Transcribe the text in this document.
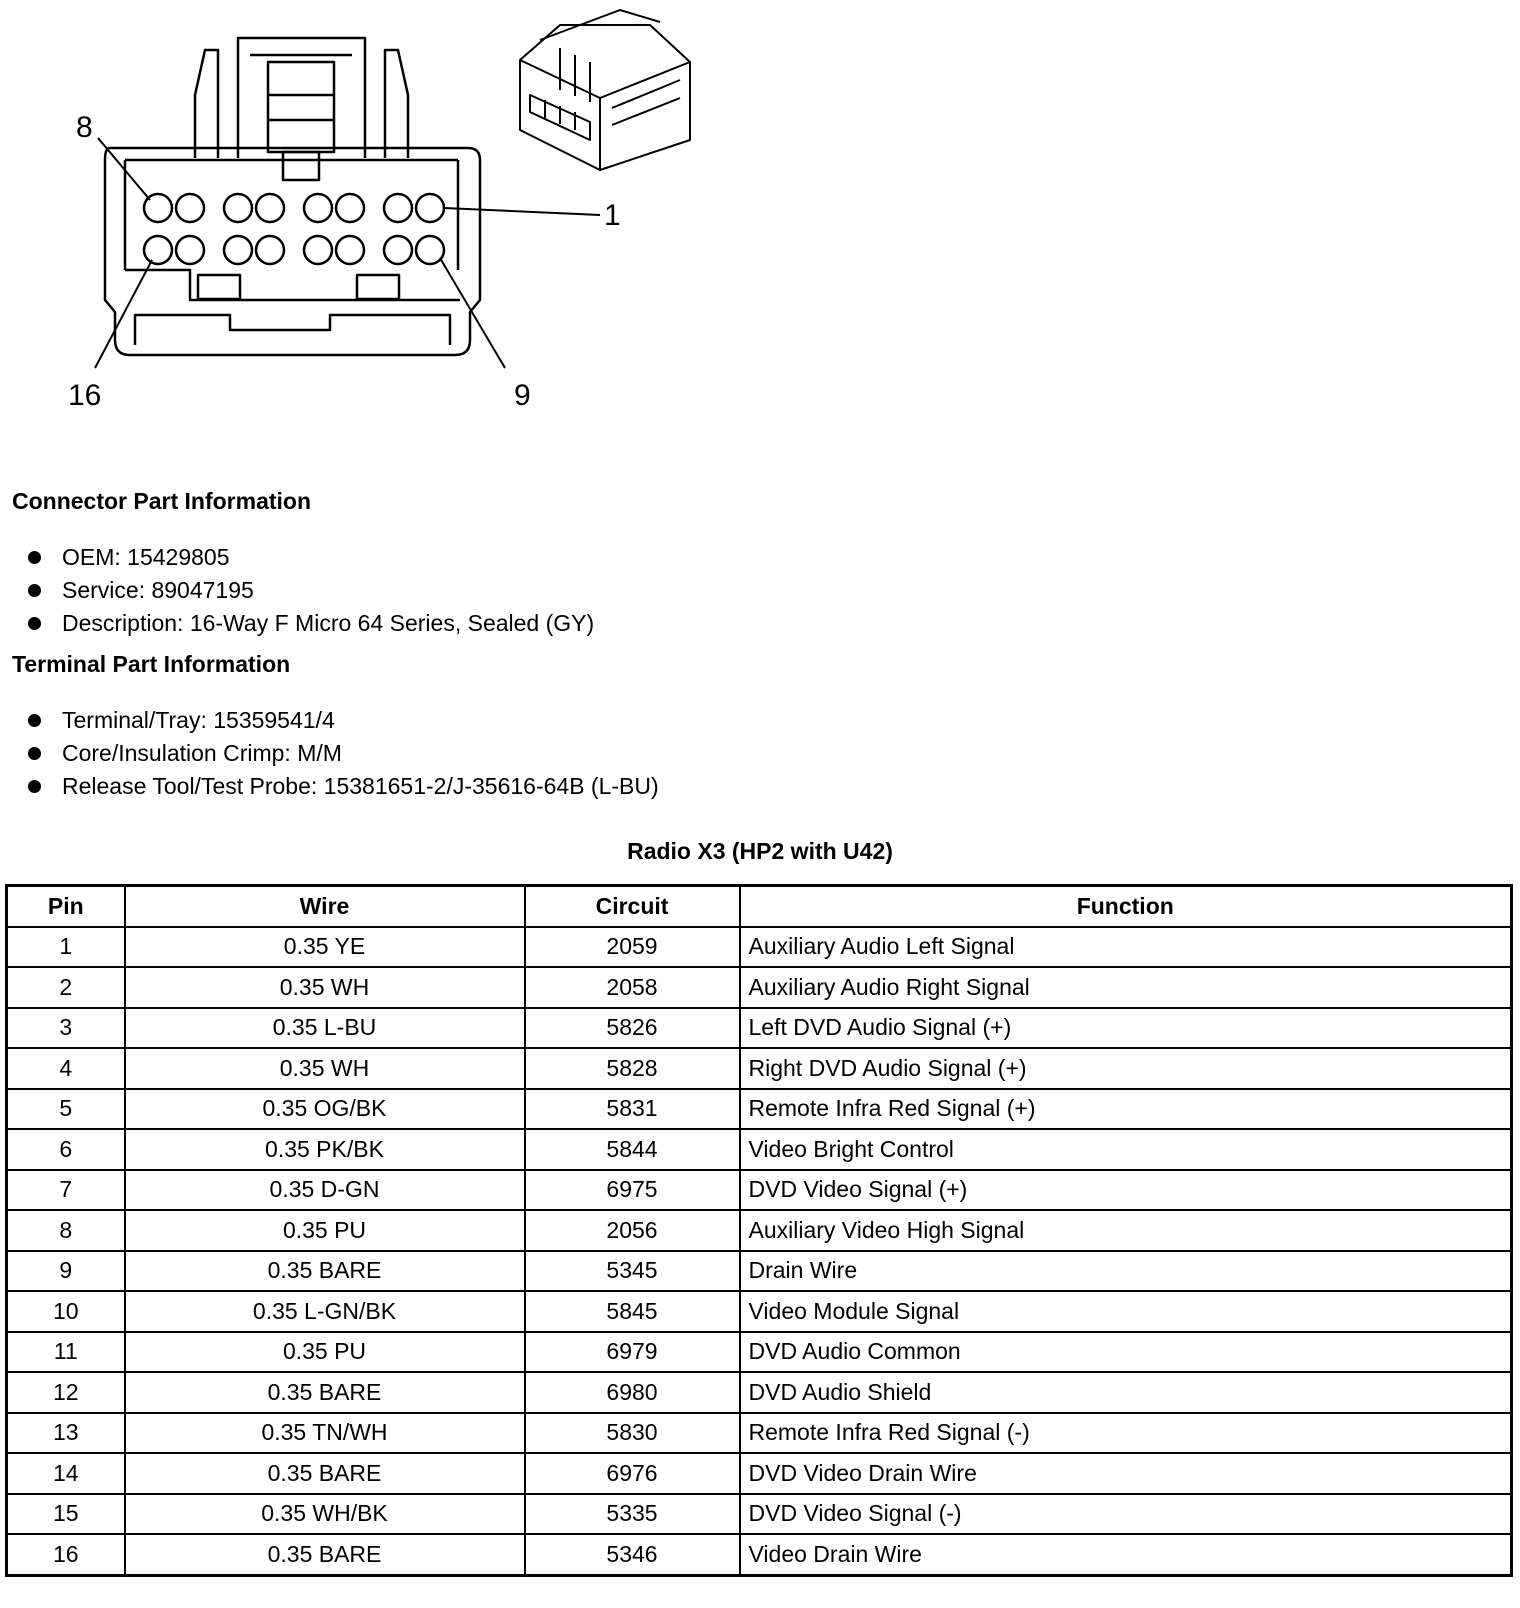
8
1
16	9
Connector Part Information
OEM: 15429805
Service: 89047195
Description: 16-Way F Micro 64 Series, Sealed (GY)
Terminal Part Information
Terminal/Tray: 15359541/4
Core/Insulation Crimp: M/M
Release Tool/Test Probe: 15381651-2/J-35616-64B (L-BU)
Radio X3 (HP2 with U42)
Pin	Wire	Circuit	Function
1	0.35 YE	2059	Auxiliary Audio Left Signal
2	0.35 WH	2058	Auxiliary Audio Right Signal
3	0.35 L-BU	5826	Left DVD Audio Signal (+)
4	0.35 WH	5828	Right DVD Audio Signal (+)
5	0.35 OG/BK	5831	Remote Infra Red Signal (+)
6	0.35 PK/BK	5844	Video Bright Control
7	0.35 D-GN	6975	DVD Video Signal (+)
8	0.35 PU	2056	Auxiliary Video High Signal
9	0.35 BARE	5345	Drain Wire
10	0.35 L-GN/BK	5845	Video Module Signal
11	0.35 PU	6979	DVD Audio Common
12	0.35 BARE	6980	DVD Audio Shield
13	0.35 TN/WH	5830	Remote Infra Red Signal (-)
14	0.35 BARE	6976	DVD Video Drain Wire
15	0.35 WH/BK	5335	DVD Video Signal (-)
16	0.35 BARE	5346	Video Drain Wire
